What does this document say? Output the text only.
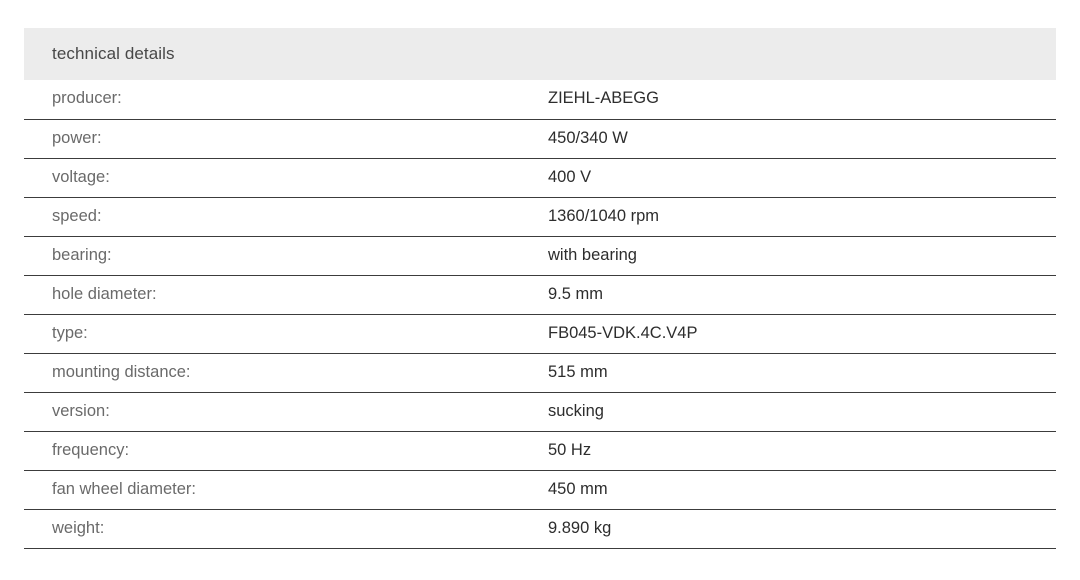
technical details	
producer:	ZIEHL-ABEGG
power:	450/340 W
voltage:	400 V
speed:	1360/1040 rpm
bearing:	with bearing
hole diameter:	9.5 mm
type:	FB045-VDK.4C.V4P
mounting distance:	515 mm
version:	sucking
frequency:	50 Hz
fan wheel diameter:	450 mm
weight:	9.890 kg
